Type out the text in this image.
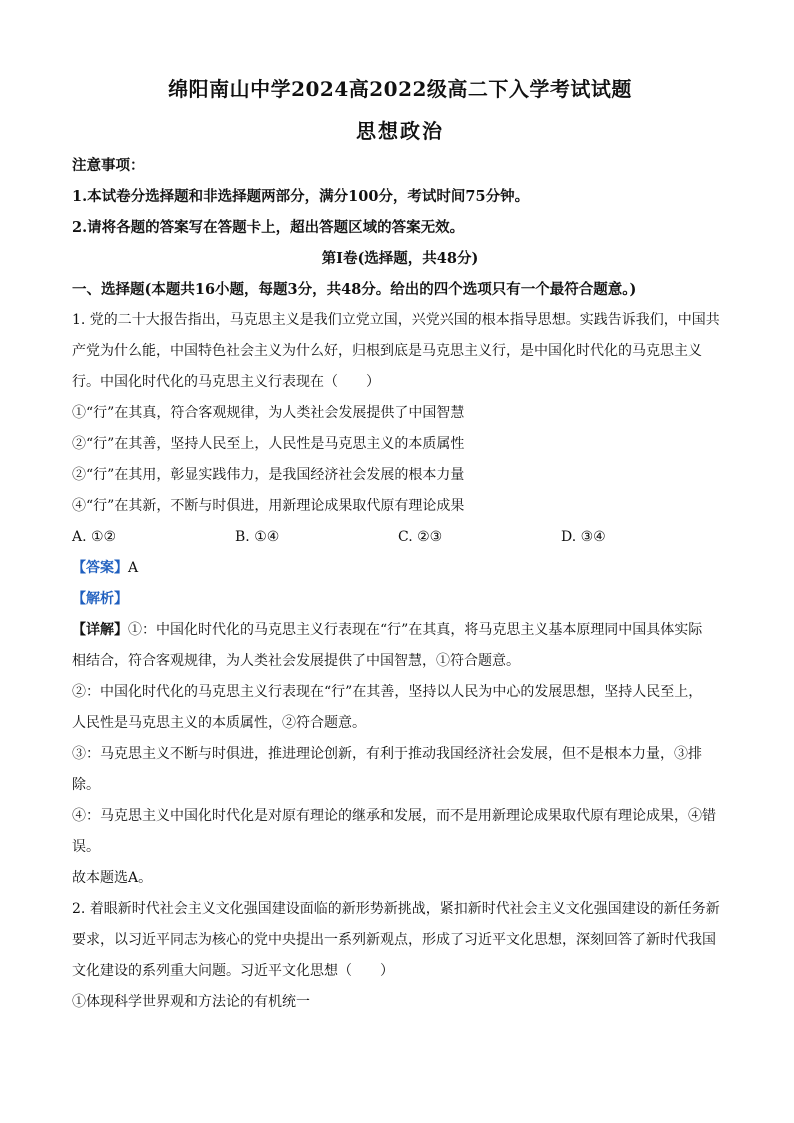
绵阳南山中学2024高2022级高二下入学考试试题
思想政治
注意事项：
1.本试卷分选择题和非选择题两部分，满分100分，考试时间75分钟。
2.请将各题的答案写在答题卡上，超出答题区域的答案无效。
第Ⅰ卷(选择题，共48分)
一、选择题(本题共16小题，每题3分，共48分。给出的四个选项只有一个最符合题意。)

1. 党的二十大报告指出，马克思主义是我们立党立国，兴党兴国的根本指导思想。实践告诉我们，中国共

产党为什么能，中国特色社会主义为什么好，归根到底是马克思主义行，是中国化时代化的马克思主义

行。中国化时代化的马克思主义行表现在（　　）

①“行”在其真，符合客观规律，为人类社会发展提供了中国智慧

②“行”在其善，坚持人民至上，人民性是马克思主义的本质属性

②“行”在其用，彰显实践伟力，是我国经济社会发展的根本力量

④“行”在其新，不断与时俱进，用新理论成果取代原有理论成果

A. ①②	B. ①④	C. ②③	D. ③④
【答案】A
【解析】

【详解】①：中国化时代化的马克思主义行表现在“行”在其真，将马克思主义基本原理同中国具体实际

相结合，符合客观规律，为人类社会发展提供了中国智慧，①符合题意。

②：中国化时代化的马克思主义行表现在“行”在其善，坚持以人民为中心的发展思想，坚持人民至上，

人民性是马克思主义的本质属性，②符合题意。

③：马克思主义不断与时俱进，推进理论创新，有利于推动我国经济社会发展，但不是根本力量，③排

除。

④：马克思主义中国化时代化是对原有理论的继承和发展，而不是用新理论成果取代原有理论成果，④错

误。

故本题选A。

2. 着眼新时代社会主义文化强国建设面临的新形势新挑战，紧扣新时代社会主义文化强国建设的新任务新

要求，以习近平同志为核心的党中央提出一系列新观点，形成了习近平文化思想，深刻回答了新时代我国

文化建设的系列重大问题。习近平文化思想（　　）

①体现科学世界观和方法论的有机统一
